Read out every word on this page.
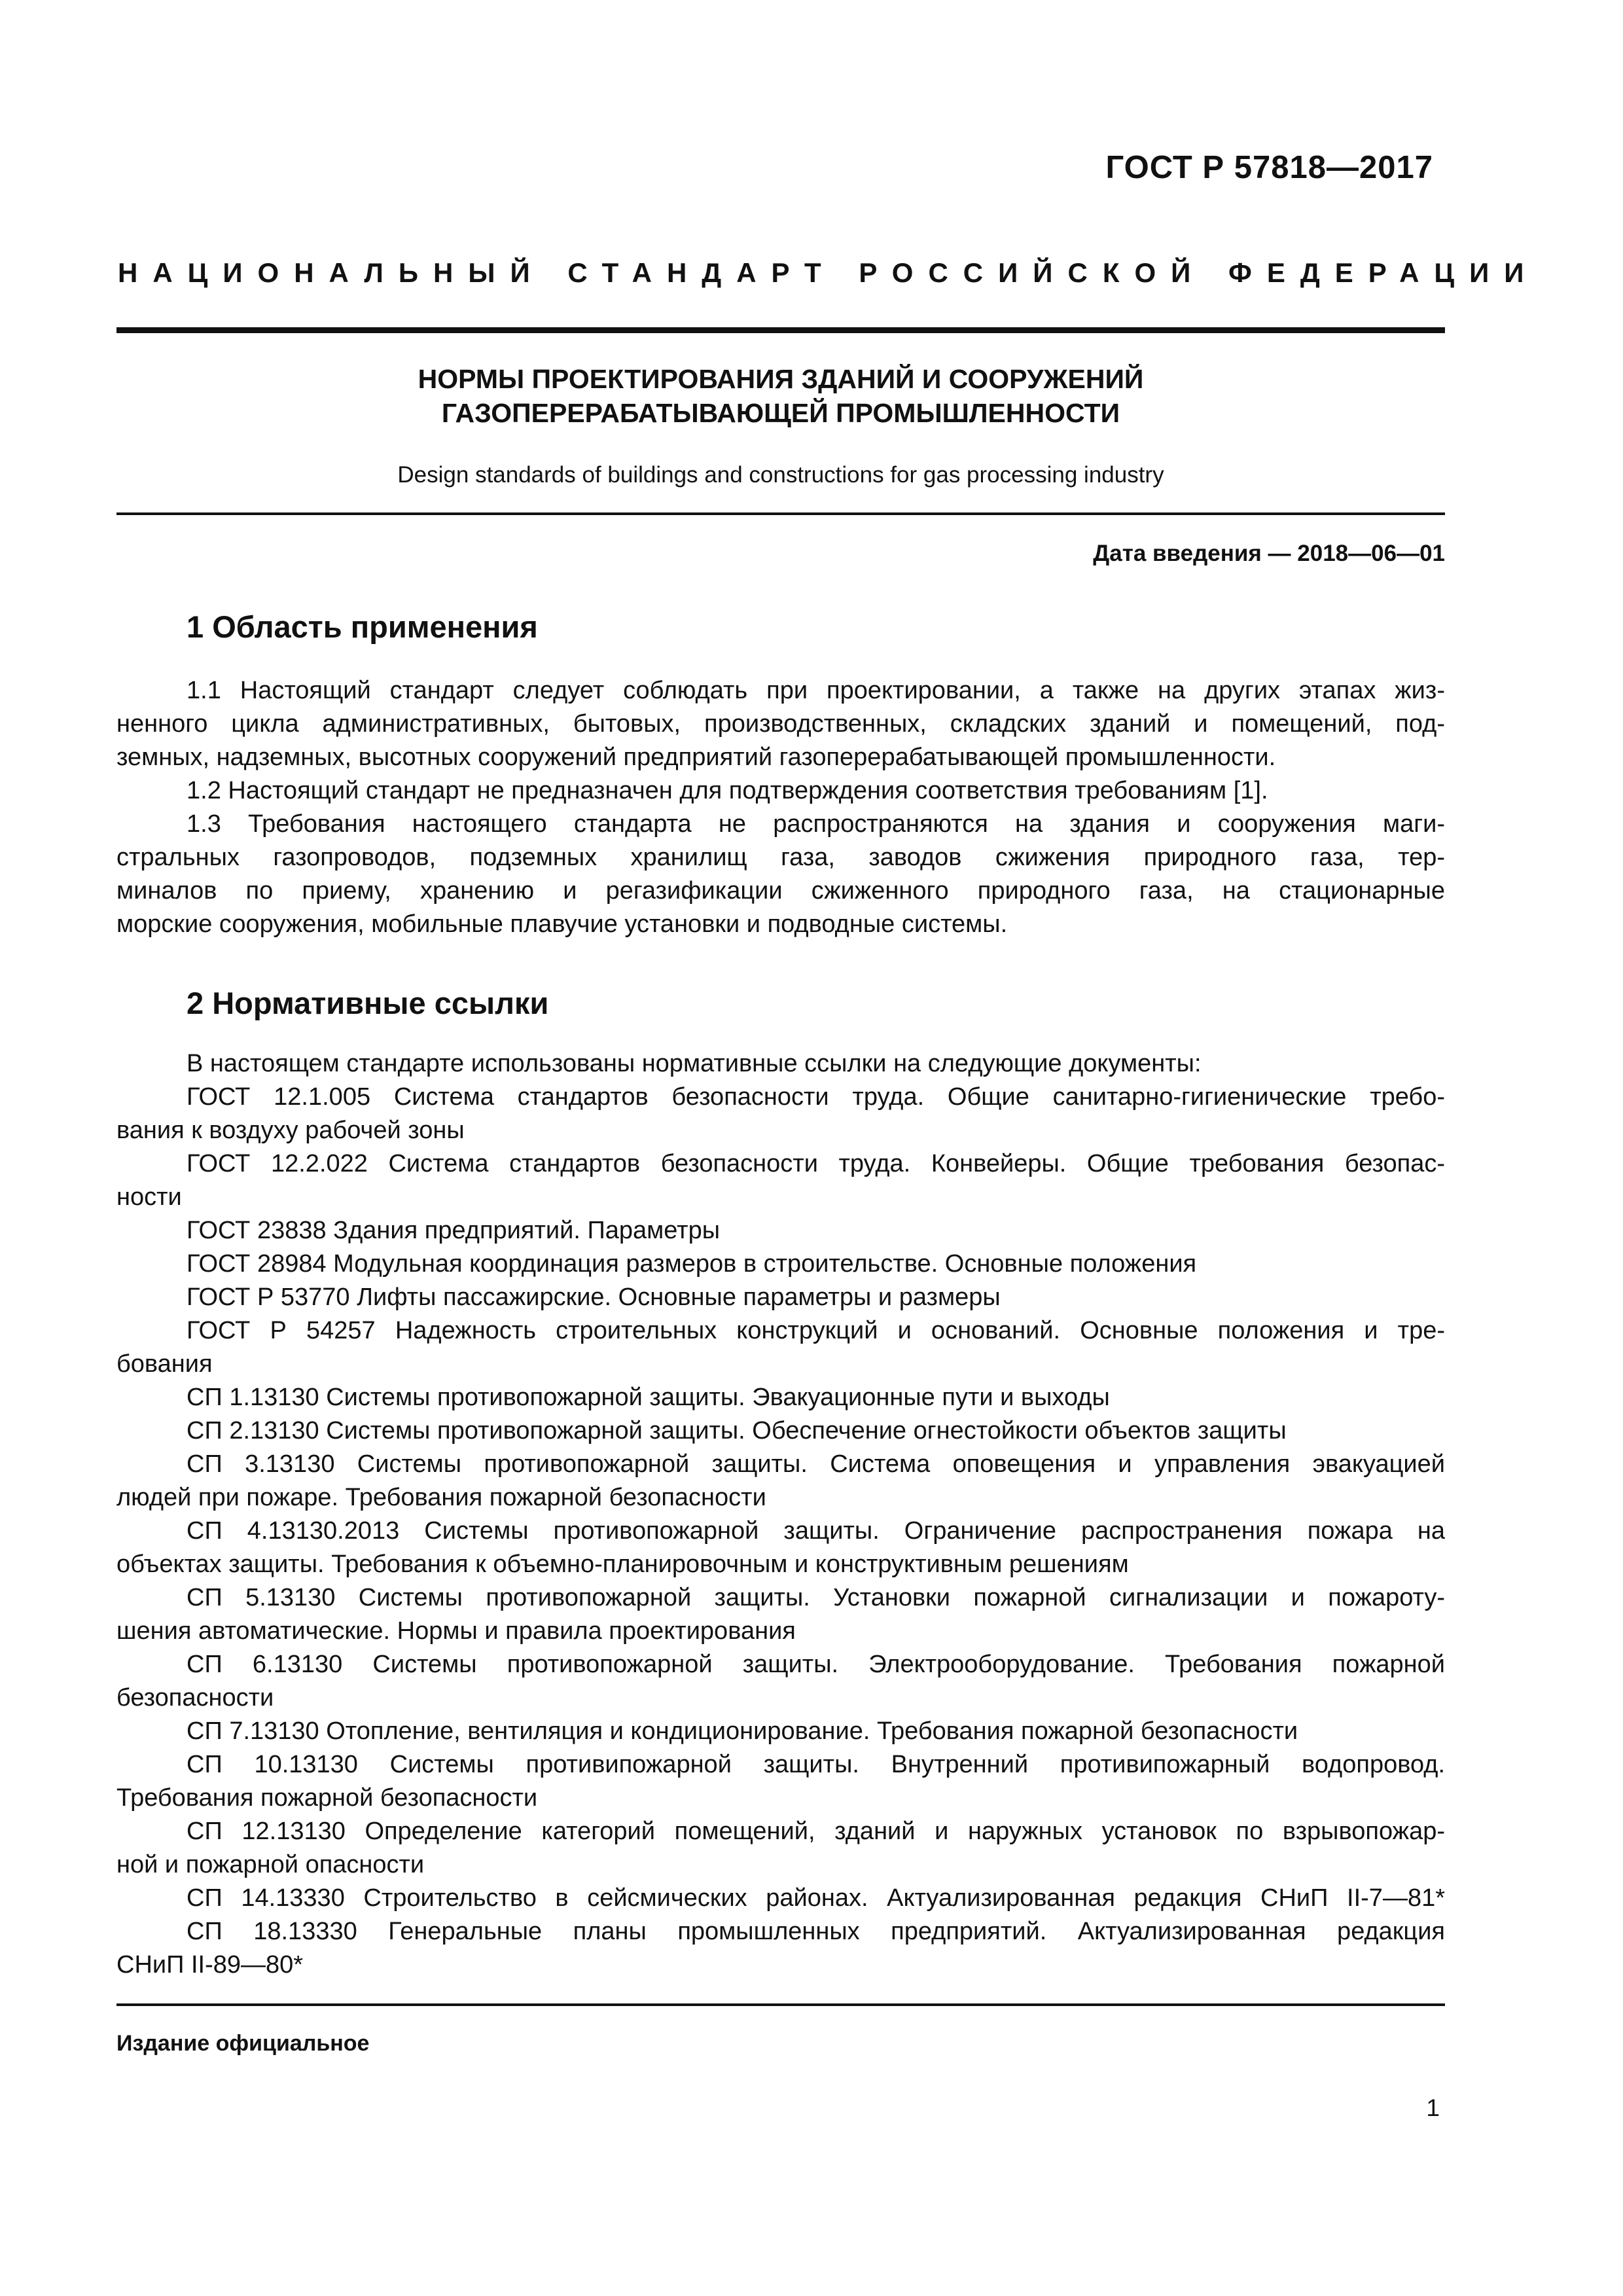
ГОСТ Р 57818—2017
НАЦИОНАЛЬНЫЙ СТАНДАРТ РОССИЙСКОЙ ФЕДЕРАЦИИ
НОРМЫ ПРОЕКТИРОВАНИЯ ЗДАНИЙ И СООРУЖЕНИЙ
ГАЗОПЕРЕРАБАТЫВАЮЩЕЙ ПРОМЫШЛЕННОСТИ
Design standards of buildings and constructions for gas processing industry
Дата введения — 2018—06—01
1 Область применения
1.1 Настоящий стандарт следует соблюдать при проектировании, а также на других этапах жиз-
ненного цикла административных, бытовых, производственных, складских зданий и помещений, под-
земных, надземных, высотных сооружений предприятий газоперерабатывающей промышленности.
1.2 Настоящий стандарт не предназначен для подтверждения соответствия требованиям [1].
1.3 Требования настоящего стандарта не распространяются на здания и сооружения маги-
стральных газопроводов, подземных хранилищ газа, заводов сжижения природного газа, тер-
миналов по приему, хранению и регазификации сжиженного природного газа, на стационарные
морские сооружения, мобильные плавучие установки и подводные системы.
2 Нормативные ссылки
В настоящем стандарте использованы нормативные ссылки на следующие документы:
ГОСТ 12.1.005 Система стандартов безопасности труда. Общие санитарно-гигиенические требо-
вания к воздуху рабочей зоны
ГОСТ 12.2.022 Система стандартов безопасности труда. Конвейеры. Общие требования безопас-
ности
ГОСТ 23838 Здания предприятий. Параметры
ГОСТ 28984 Модульная координация размеров в строительстве. Основные положения
ГОСТ Р 53770 Лифты пассажирские. Основные параметры и размеры
ГОСТ Р 54257 Надежность строительных конструкций и оснований. Основные положения и тре-
бования
СП 1.13130 Системы противопожарной защиты. Эвакуационные пути и выходы
СП 2.13130 Системы противопожарной защиты. Обеспечение огнестойкости объектов защиты
СП 3.13130 Системы противопожарной защиты. Система оповещения и управления эвакуацией
людей при пожаре. Требования пожарной безопасности
СП 4.13130.2013 Системы противопожарной защиты. Ограничение распространения пожара на
объектах защиты. Требования к объемно-планировочным и конструктивным решениям
СП 5.13130 Системы противопожарной защиты. Установки пожарной сигнализации и пожароту-
шения автоматические. Нормы и правила проектирования
СП 6.13130 Системы противопожарной защиты. Электрооборудование. Требования пожарной
безопасности
СП 7.13130 Отопление, вентиляция и кондиционирование. Требования пожарной безопасности
СП 10.13130 Системы противипожарной защиты. Внутренний противипожарный водопровод.
Требования пожарной безопасности
СП 12.13130 Определение категорий помещений, зданий и наружных установок по взрывопожар-
ной и пожарной опасности
СП 14.13330 Строительство в сейсмических районах. Актуализированная редакция СНиП II-7—81*
СП 18.13330 Генеральные планы промышленных предприятий. Актуализированная редакция
СНиП II-89—80*
Издание официальное
1
